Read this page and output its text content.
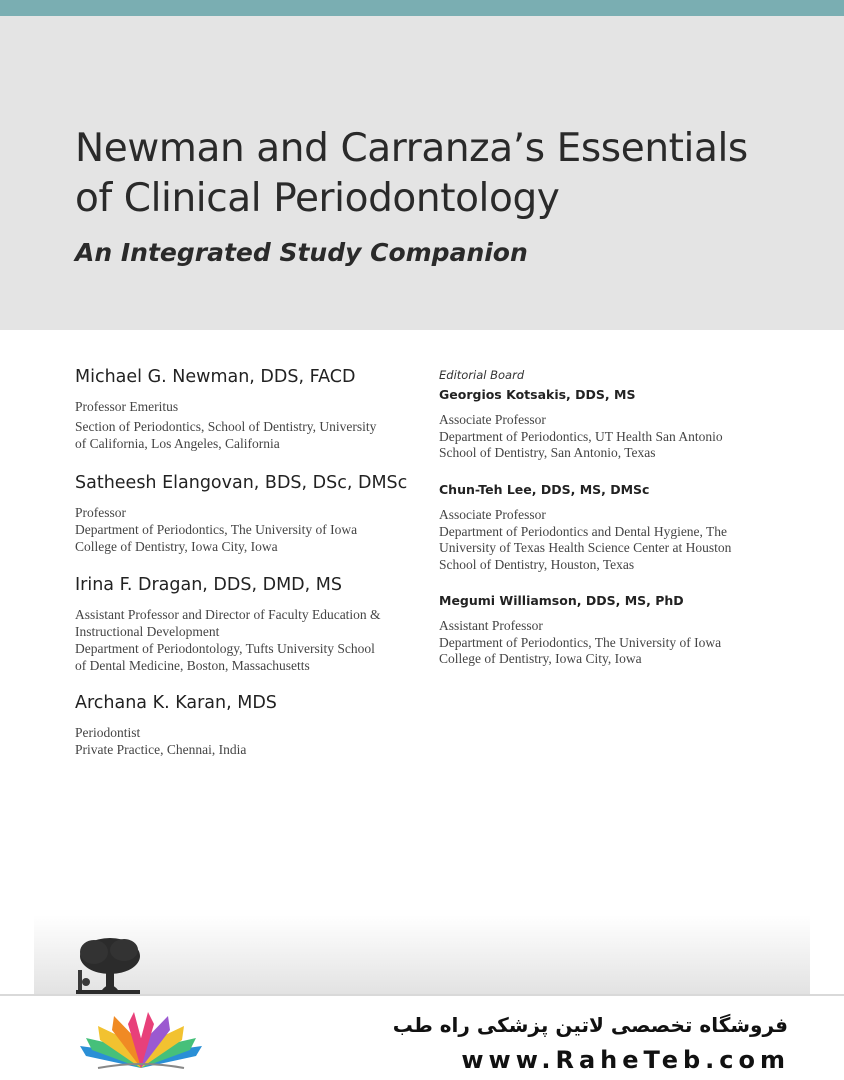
Newman and Carranza’s Essentials of Clinical Periodontology
An Integrated Study Companion
Michael G. Newman, DDS, FACD
Professor Emeritus
Section of Periodontics, School of Dentistry, University
of California, Los Angeles, California
Satheesh Elangovan, BDS, DSc, DMSc
Professor
Department of Periodontics, The University of Iowa
College of Dentistry, Iowa City, Iowa
Irina F. Dragan, DDS, DMD, MS
Assistant Professor and Director of Faculty Education &
Instructional Development
Department of Periodontology, Tufts University School
of Dental Medicine, Boston, Massachusetts
Archana K. Karan, MDS
Periodontist
Private Practice, Chennai, India
Editorial Board
Georgios Kotsakis, DDS, MS
Associate Professor
Department of Periodontics, UT Health San Antonio
School of Dentistry, San Antonio, Texas
Chun-Teh Lee, DDS, MS, DMSc
Associate Professor
Department of Periodontics and Dental Hygiene, The
University of Texas Health Science Center at Houston
School of Dentistry, Houston, Texas
Megumi Williamson, DDS, MS, PhD
Assistant Professor
Department of Periodontics, The University of Iowa
College of Dentistry, Iowa City, Iowa
فروشگاه تخصصی لاتین پزشکی راه طب
www.RaheTeb.com
